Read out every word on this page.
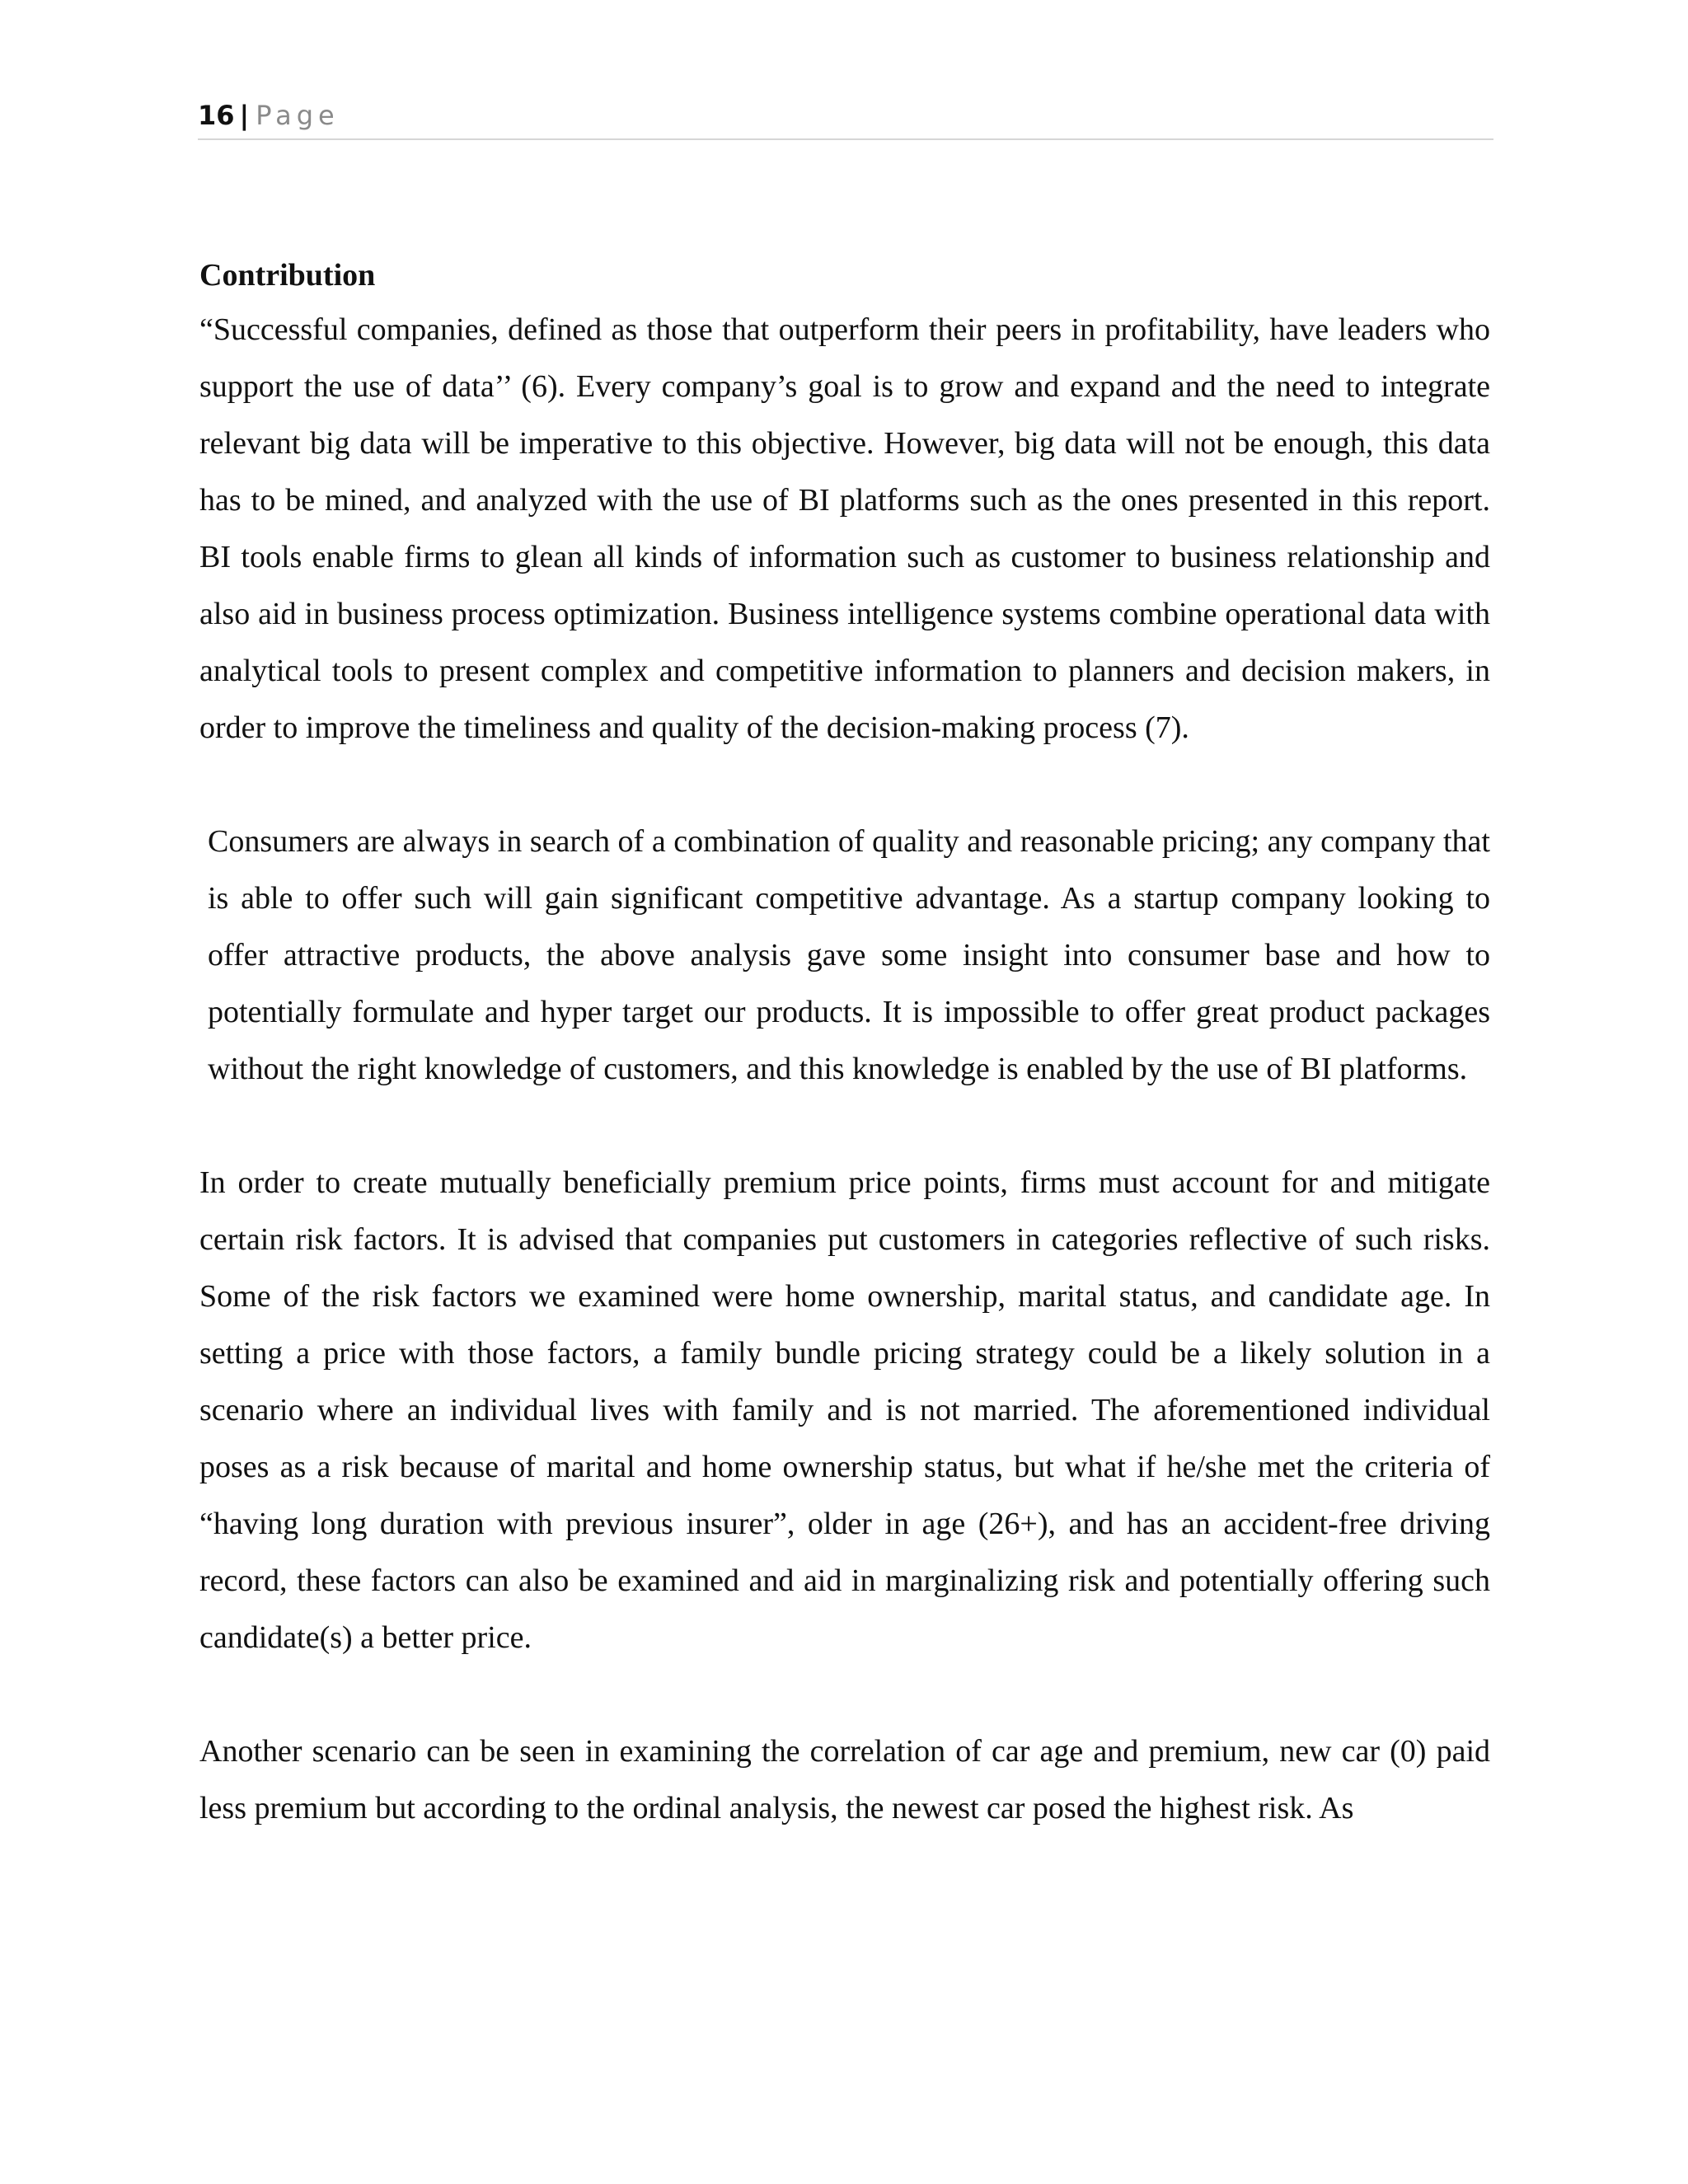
16 | Page
Contribution

“Successful companies, defined as those that outperform their peers in profitability, have leaders who support the use of data’’ (6). Every company’s goal is to grow and expand and the need to integrate relevant big data will be imperative to this objective. However, big data will not be enough, this data has to be mined, and analyzed with the use of BI platforms such as the ones presented in this report. BI tools enable firms to glean all kinds of information such as customer to business relationship and also aid in business process optimization. Business intelligence systems combine operational data with analytical tools to present complex and competitive information to planners and decision makers, in order to improve the timeliness and quality of the decision-making process (7).

Consumers are always in search of a combination of quality and reasonable pricing; any company that is able to offer such will gain significant competitive advantage. As a startup company looking to offer attractive products, the above analysis gave some insight into consumer base and how to potentially formulate and hyper target our products. It is impossible to offer great product packages without the right knowledge of customers, and this knowledge is enabled by the use of BI platforms.

In order to create mutually beneficially premium price points, firms must account for and mitigate certain risk factors. It is advised that companies put customers in categories reflective of such risks. Some of the risk factors we examined were home ownership, marital status, and candidate age. In setting a price with those factors, a family bundle pricing strategy could be a likely solution in a scenario where an individual lives with family and is not married. The aforementioned individual poses as a risk because of marital and home ownership status, but what if he/she met the criteria of “having long duration with previous insurer”, older in age (26+), and has an accident-free driving record, these factors can also be examined and aid in marginalizing risk and potentially offering such candidate(s) a better price.

Another scenario can be seen in examining the correlation of car age and premium, new car (0) paid less premium but according to the ordinal analysis, the newest car posed the highest risk. As
